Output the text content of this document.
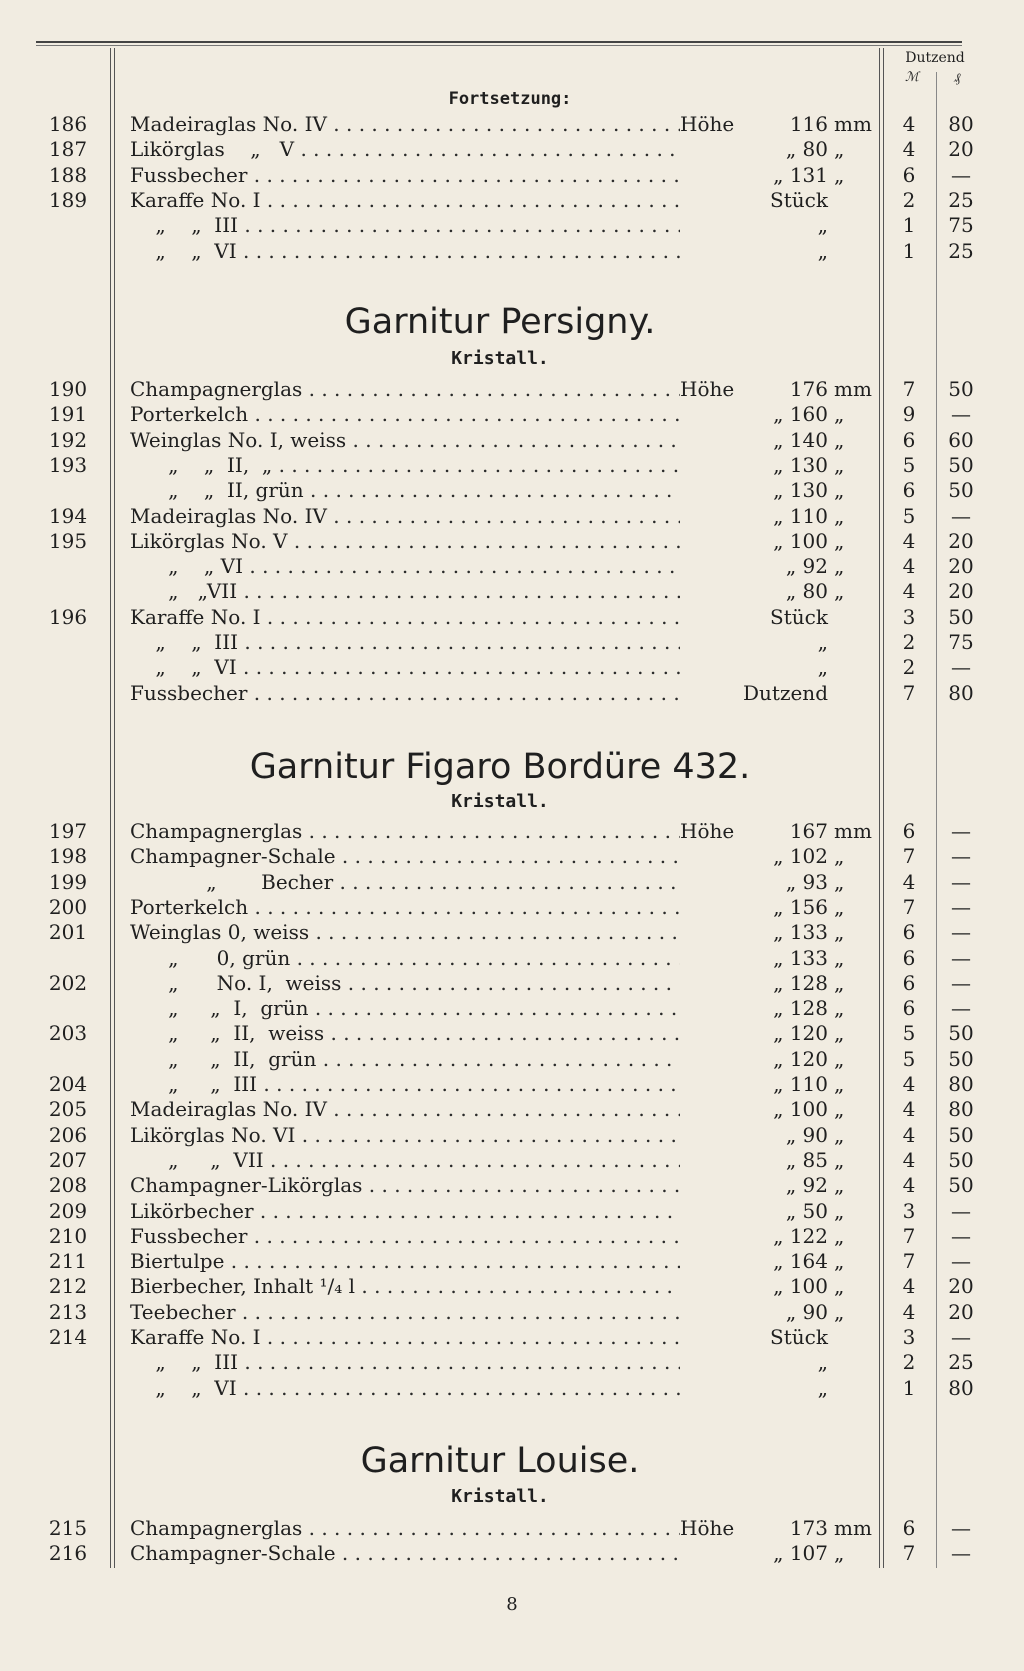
Dutzend
ℳ	₰
Fortsetzung:
186 Madeiraglas No. IV . . .	Höhe	116 mm	4	80
187 Likörglas    „   V . . .	„ 80 „	4	20
188 Fussbecher . . .	„ 131 „	6	—
189 Karaffe No. I . . .	Stück	2	25
„    „  III . . .	„	1	75
„    „  VI . . .	„	1	25
Garnitur Persigny.
Kristall.
190 Champagnerglas . . .	Höhe	176 mm	7	50
191 Porterkelch . . .	„ 160 „	9	—
192 Weinglas No. I, weiss . . .	„ 140 „	6	60
193 „    „  II,  „ . . .	„ 130 „	5	50
„    „  II, grün . . .	„ 130 „	6	50
194 Madeiraglas No. IV . . .	„ 110 „	5	—
195 Likörglas No. V . . .	„ 100 „	4	20
„    „ VI . . .	„ 92 „	4	20
„   „VII . . .	„ 80 „	4	20
196 Karaffe No. I . . .	Stück	3	50
„    „  III . . .	„	2	75
„    „  VI . . .	„	2	—
Fussbecher . . .	Dutzend	7	80
Garnitur Figaro Bordüre 432.
Kristall.
197 Champagnerglas . . .	Höhe	167 mm	6	—
198 Champagner-Schale . . .	„ 102 „	7	—
199 „       Becher . . .	„ 93 „	4	—
200 Porterkelch . . .	„ 156 „	7	—
201 Weinglas 0, weiss . . .	„ 133 „	6	—
„      0, grün . . .	„ 133 „	6	—
202 „      No. I,  weiss . . .	„ 128 „	6	—
„     „  I,  grün . . .	„ 128 „	6	—
203 „     „  II,  weiss . . .	„ 120 „	5	50
„     „  II,  grün . . .	„ 120 „	5	50
204 „     „  III . . .	„ 110 „	4	80
205 Madeiraglas No. IV . . .	„ 100 „	4	80
206 Likörglas No. VI . . .	„ 90 „	4	50
207 „     „  VII . . .	„ 85 „	4	50
208 Champagner-Likörglas . . .	„ 92 „	4	50
209 Likörbecher . . .	„ 50 „	3	—
210 Fussbecher . . .	„ 122 „	7	—
211 Biertulpe . . .	„ 164 „	7	—
212 Bierbecher, Inhalt ¹/₄ l . . .	„ 100 „	4	20
213 Teebecher . . .	„ 90 „	4	20
214 Karaffe No. I . . .	Stück	3	—
„    „  III . . .	„	2	25
„    „  VI . . .	„	1	80
Garnitur Louise.
Kristall.
215 Champagnerglas . . .	Höhe	173 mm	6	—
216 Champagner-Schale . . .	„ 107 „	7	—
8
